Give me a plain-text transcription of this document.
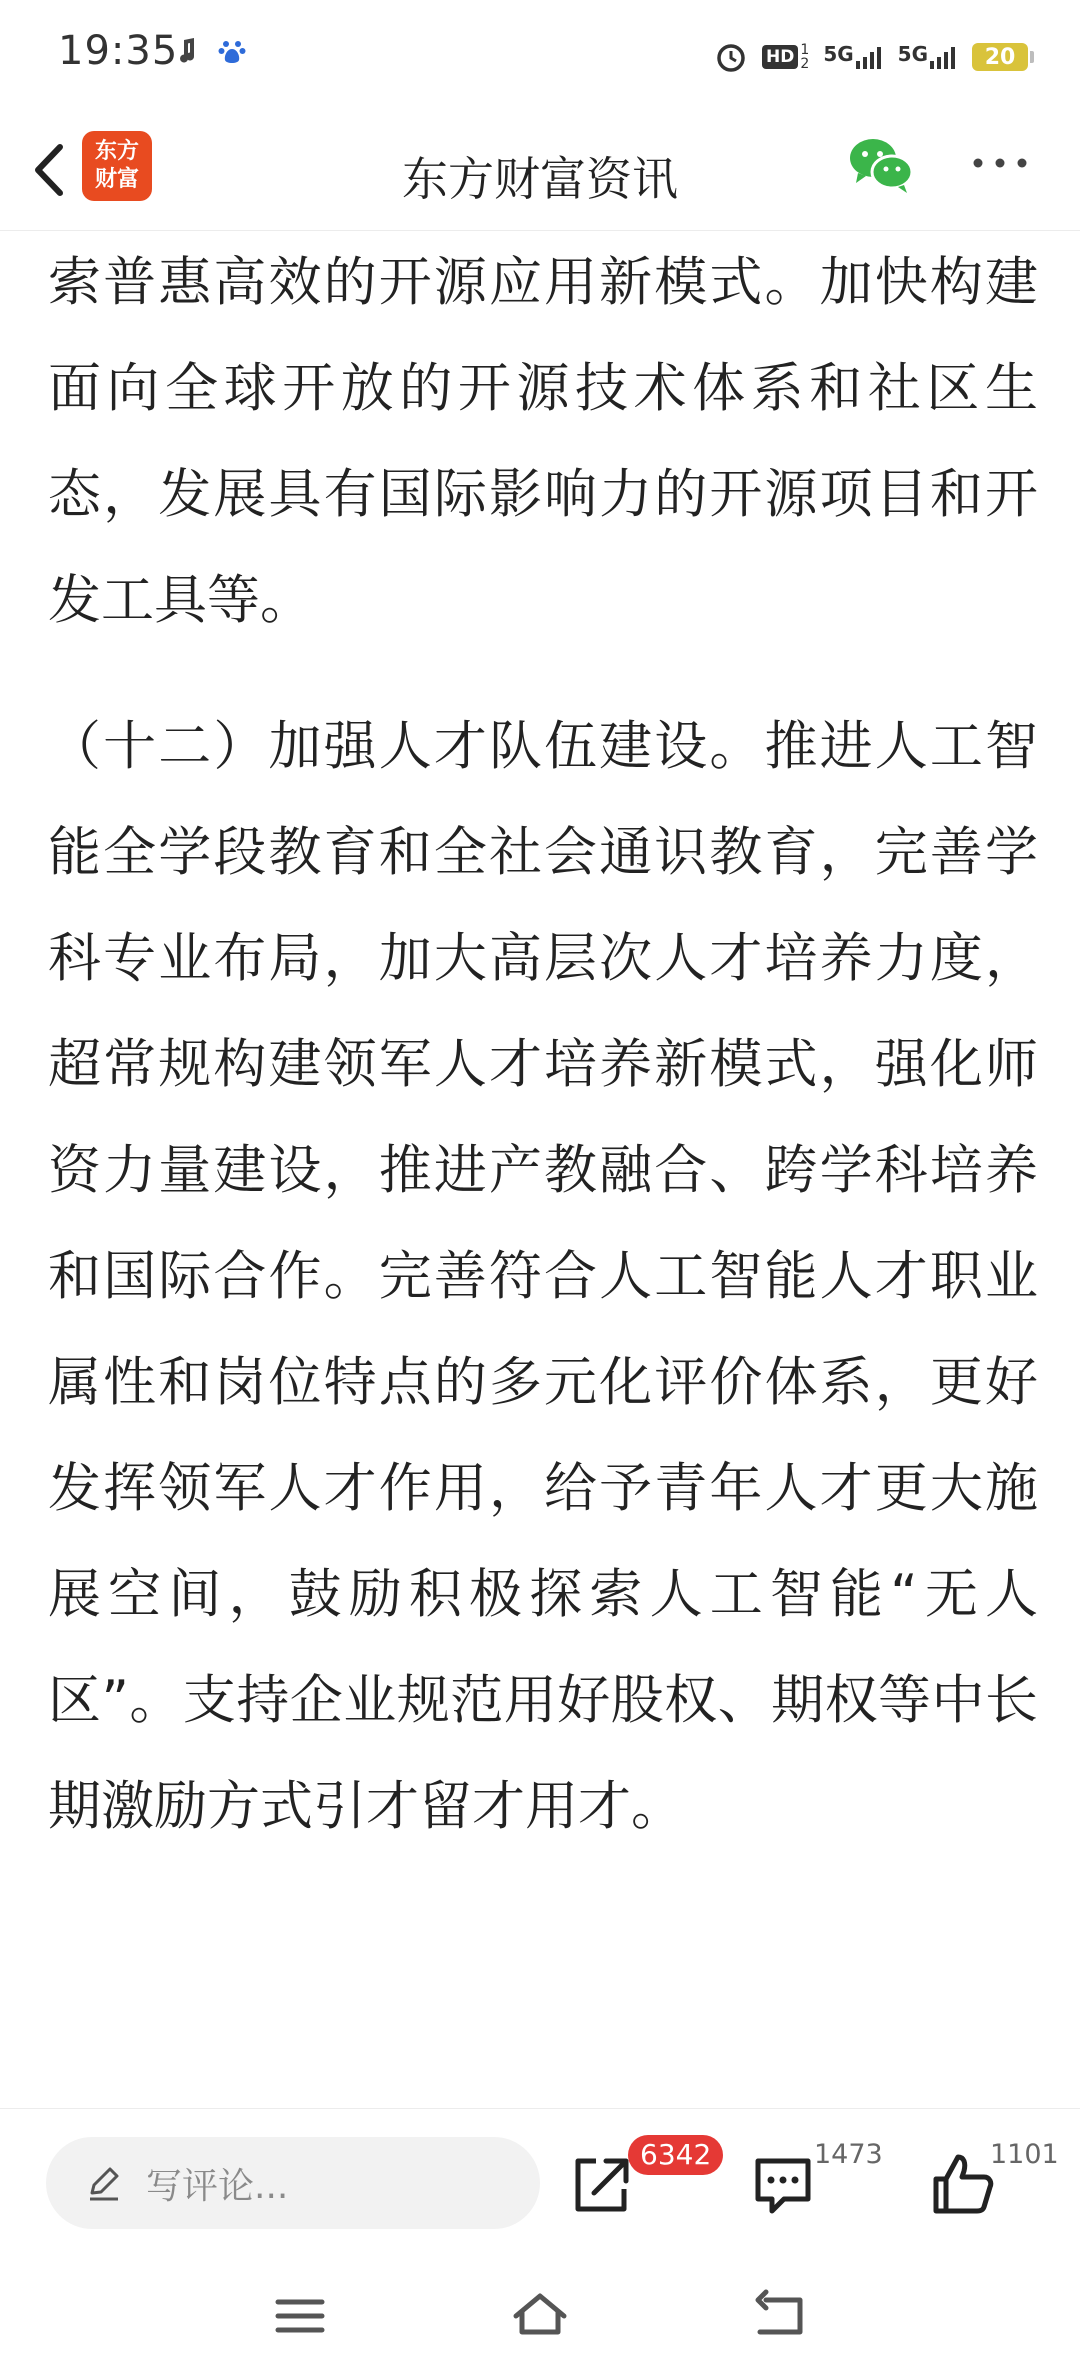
19:35	HD 1
2 5G 5G	20
东方
财富	东方财富资讯

索普惠高效的开源应用新模式。加快构建面向全球开放的开源技术体系和社区生态，发展具有国际影响力的开源项目和开发工具等。

（十二）加强人才队伍建设。推进人工智能全学段教育和全社会通识教育，完善学科专业布局，加大高层次人才培养力度，超常规构建领军人才培养新模式，强化师资力量建设，推进产教融合、跨学科培养和国际合作。完善符合人工智能人才职业属性和岗位特点的多元化评价体系，更好发挥领军人才作用，给予青年人才更大施展空间，鼓励积极探索人工智能“无人区”。支持企业规范用好股权、期权等中长期激励方式引才留才用才。

写评论...
6342	1473	1101
